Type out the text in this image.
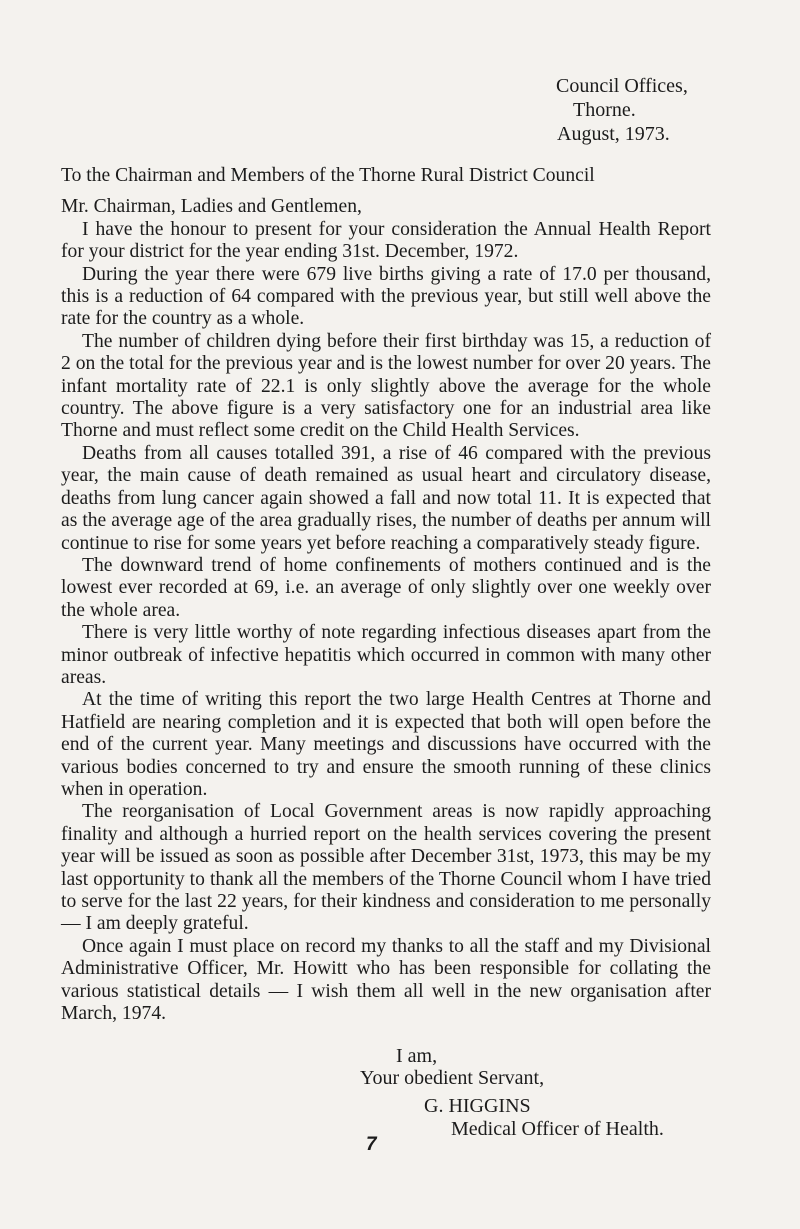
Council Offices,
Thorne.
August, 1973.

To the Chairman and Members of the Thorne Rural District Council

Mr. Chairman, Ladies and Gentlemen,

I have the honour to present for your consideration the Annual Health Report for your district for the year ending 31st. December, 1972.

During the year there were 679 live births giving a rate of 17.0 per thousand, this is a reduction of 64 compared with the previous year, but still well above the rate for the country as a whole.

The number of children dying before their first birthday was 15, a reduction of 2 on the total for the previous year and is the lowest number for over 20 years. The infant mortality rate of 22.1 is only slightly above the average for the whole country. The above figure is a very satisfactory one for an industrial area like Thorne and must reflect some credit on the Child Health Services.

Deaths from all causes totalled 391, a rise of 46 compared with the previous year, the main cause of death remained as usual heart and circulatory disease, deaths from lung cancer again showed a fall and now total 11. It is expected that as the average age of the area gradually rises, the number of deaths per annum will continue to rise for some years yet before reaching a comparatively steady figure.

The downward trend of home confinements of mothers continued and is the lowest ever recorded at 69, i.e. an average of only slightly over one weekly over the whole area.

There is very little worthy of note regarding infectious diseases apart from the minor outbreak of infective hepatitis which occurred in common with many other areas.

At the time of writing this report the two large Health Centres at Thorne and Hatfield are nearing completion and it is expected that both will open before the end of the current year. Many meetings and discussions have occurred with the various bodies concerned to try and ensure the smooth running of these clinics when in operation.

The reorganisation of Local Government areas is now rapidly approaching finality and although a hurried report on the health services covering the present year will be issued as soon as possible after December 31st, 1973, this may be my last opportunity to thank all the members of the Thorne Council whom I have tried to serve for the last 22 years, for their kindness and consideration to me personally — I am deeply grateful.

Once again I must place on record my thanks to all the staff and my Divisional Administrative Officer, Mr. Howitt who has been responsible for collating the various statistical details — I wish them all well in the new organisation after March, 1974.

I am,
Your obedient Servant,
G. HIGGINS
Medical Officer of Health.
7
